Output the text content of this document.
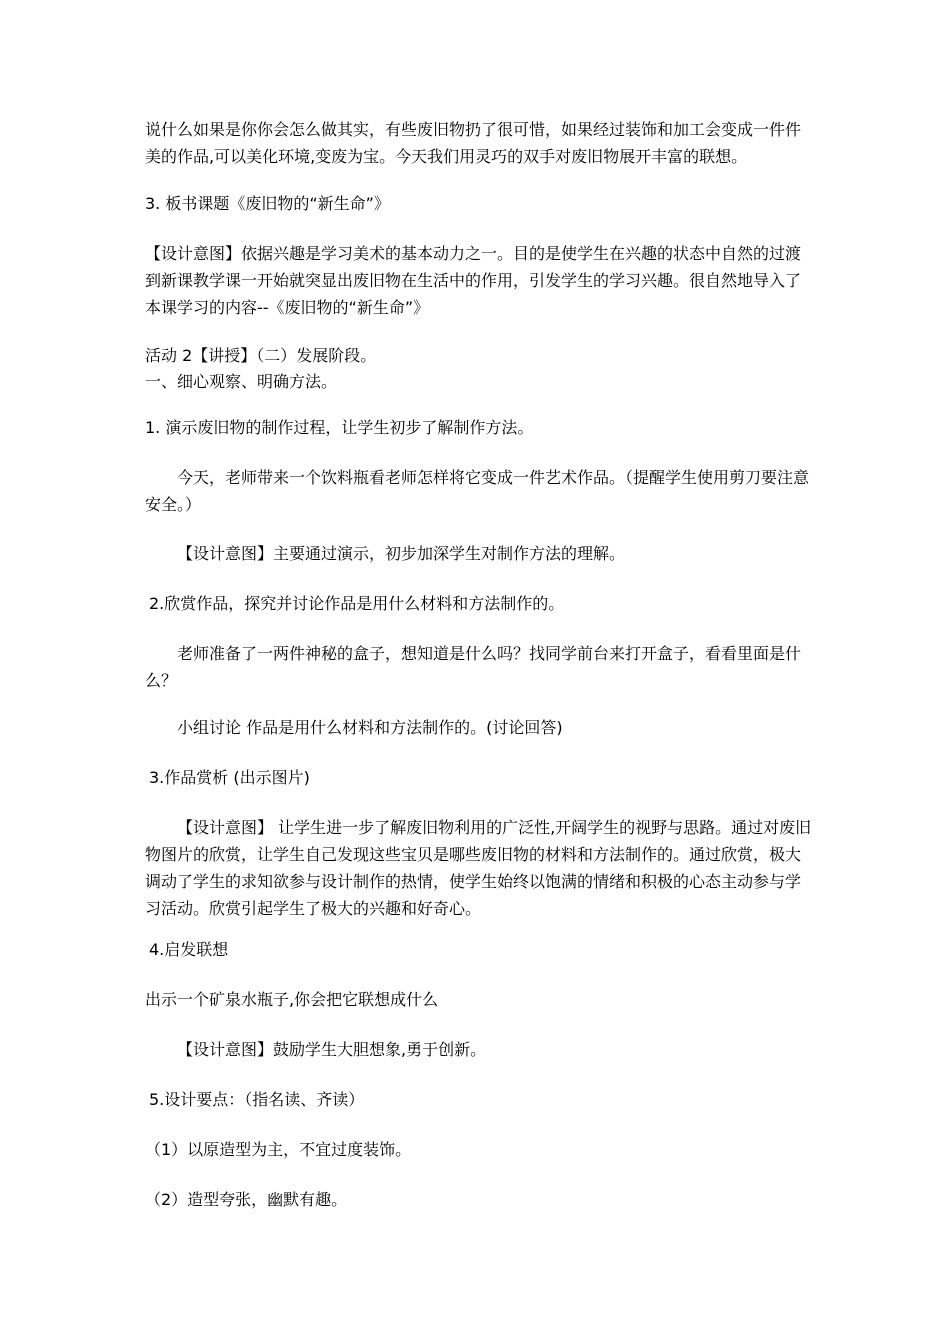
说什么如果是你你会怎么做其实，有些废旧物扔了很可惜，如果经过装饰和加工会变成一件件美的作品,可以美化环境,变废为宝。今天我们用灵巧的双手对废旧物展开丰富的联想。

3. 板书课题《废旧物的“新生命”》

【设计意图】依据兴趣是学习美术的基本动力之一。目的是使学生在兴趣的状态中自然的过渡到新课教学课一开始就突显出废旧物在生活中的作用，引发学生的学习兴趣。很自然地导入了本课学习的内容--《废旧物的“新生命”》

活动 2【讲授】（二）发展阶段。

一、细心观察、明确方法。

1. 演示废旧物的制作过程，让学生初步了解制作方法。

今天，老师带来一个饮料瓶看老师怎样将它变成一件艺术作品。（提醒学生使用剪刀要注意安全。）

【设计意图】主要通过演示，初步加深学生对制作方法的理解。

2.欣赏作品，探究并讨论作品是用什么材料和方法制作的。

老师准备了一两件神秘的盒子，想知道是什么吗？找同学前台来打开盒子，看看里面是什么？

小组讨论 作品是用什么材料和方法制作的。(讨论回答)

3.作品赏析 (出示图片)

【设计意图】 让学生进一步了解废旧物利用的广泛性,开阔学生的视野与思路。通过对废旧物图片的欣赏，让学生自己发现这些宝贝是哪些废旧物的材料和方法制作的。通过欣赏，极大调动了学生的求知欲参与设计制作的热情，使学生始终以饱满的情绪和积极的心态主动参与学习活动。欣赏引起学生了极大的兴趣和好奇心。

4.启发联想

出示一个矿泉水瓶子,你会把它联想成什么

【设计意图】鼓励学生大胆想象,勇于创新。

5.设计要点：（指名读、齐读）

（1）以原造型为主，不宜过度装饰。

（2）造型夸张，幽默有趣。
